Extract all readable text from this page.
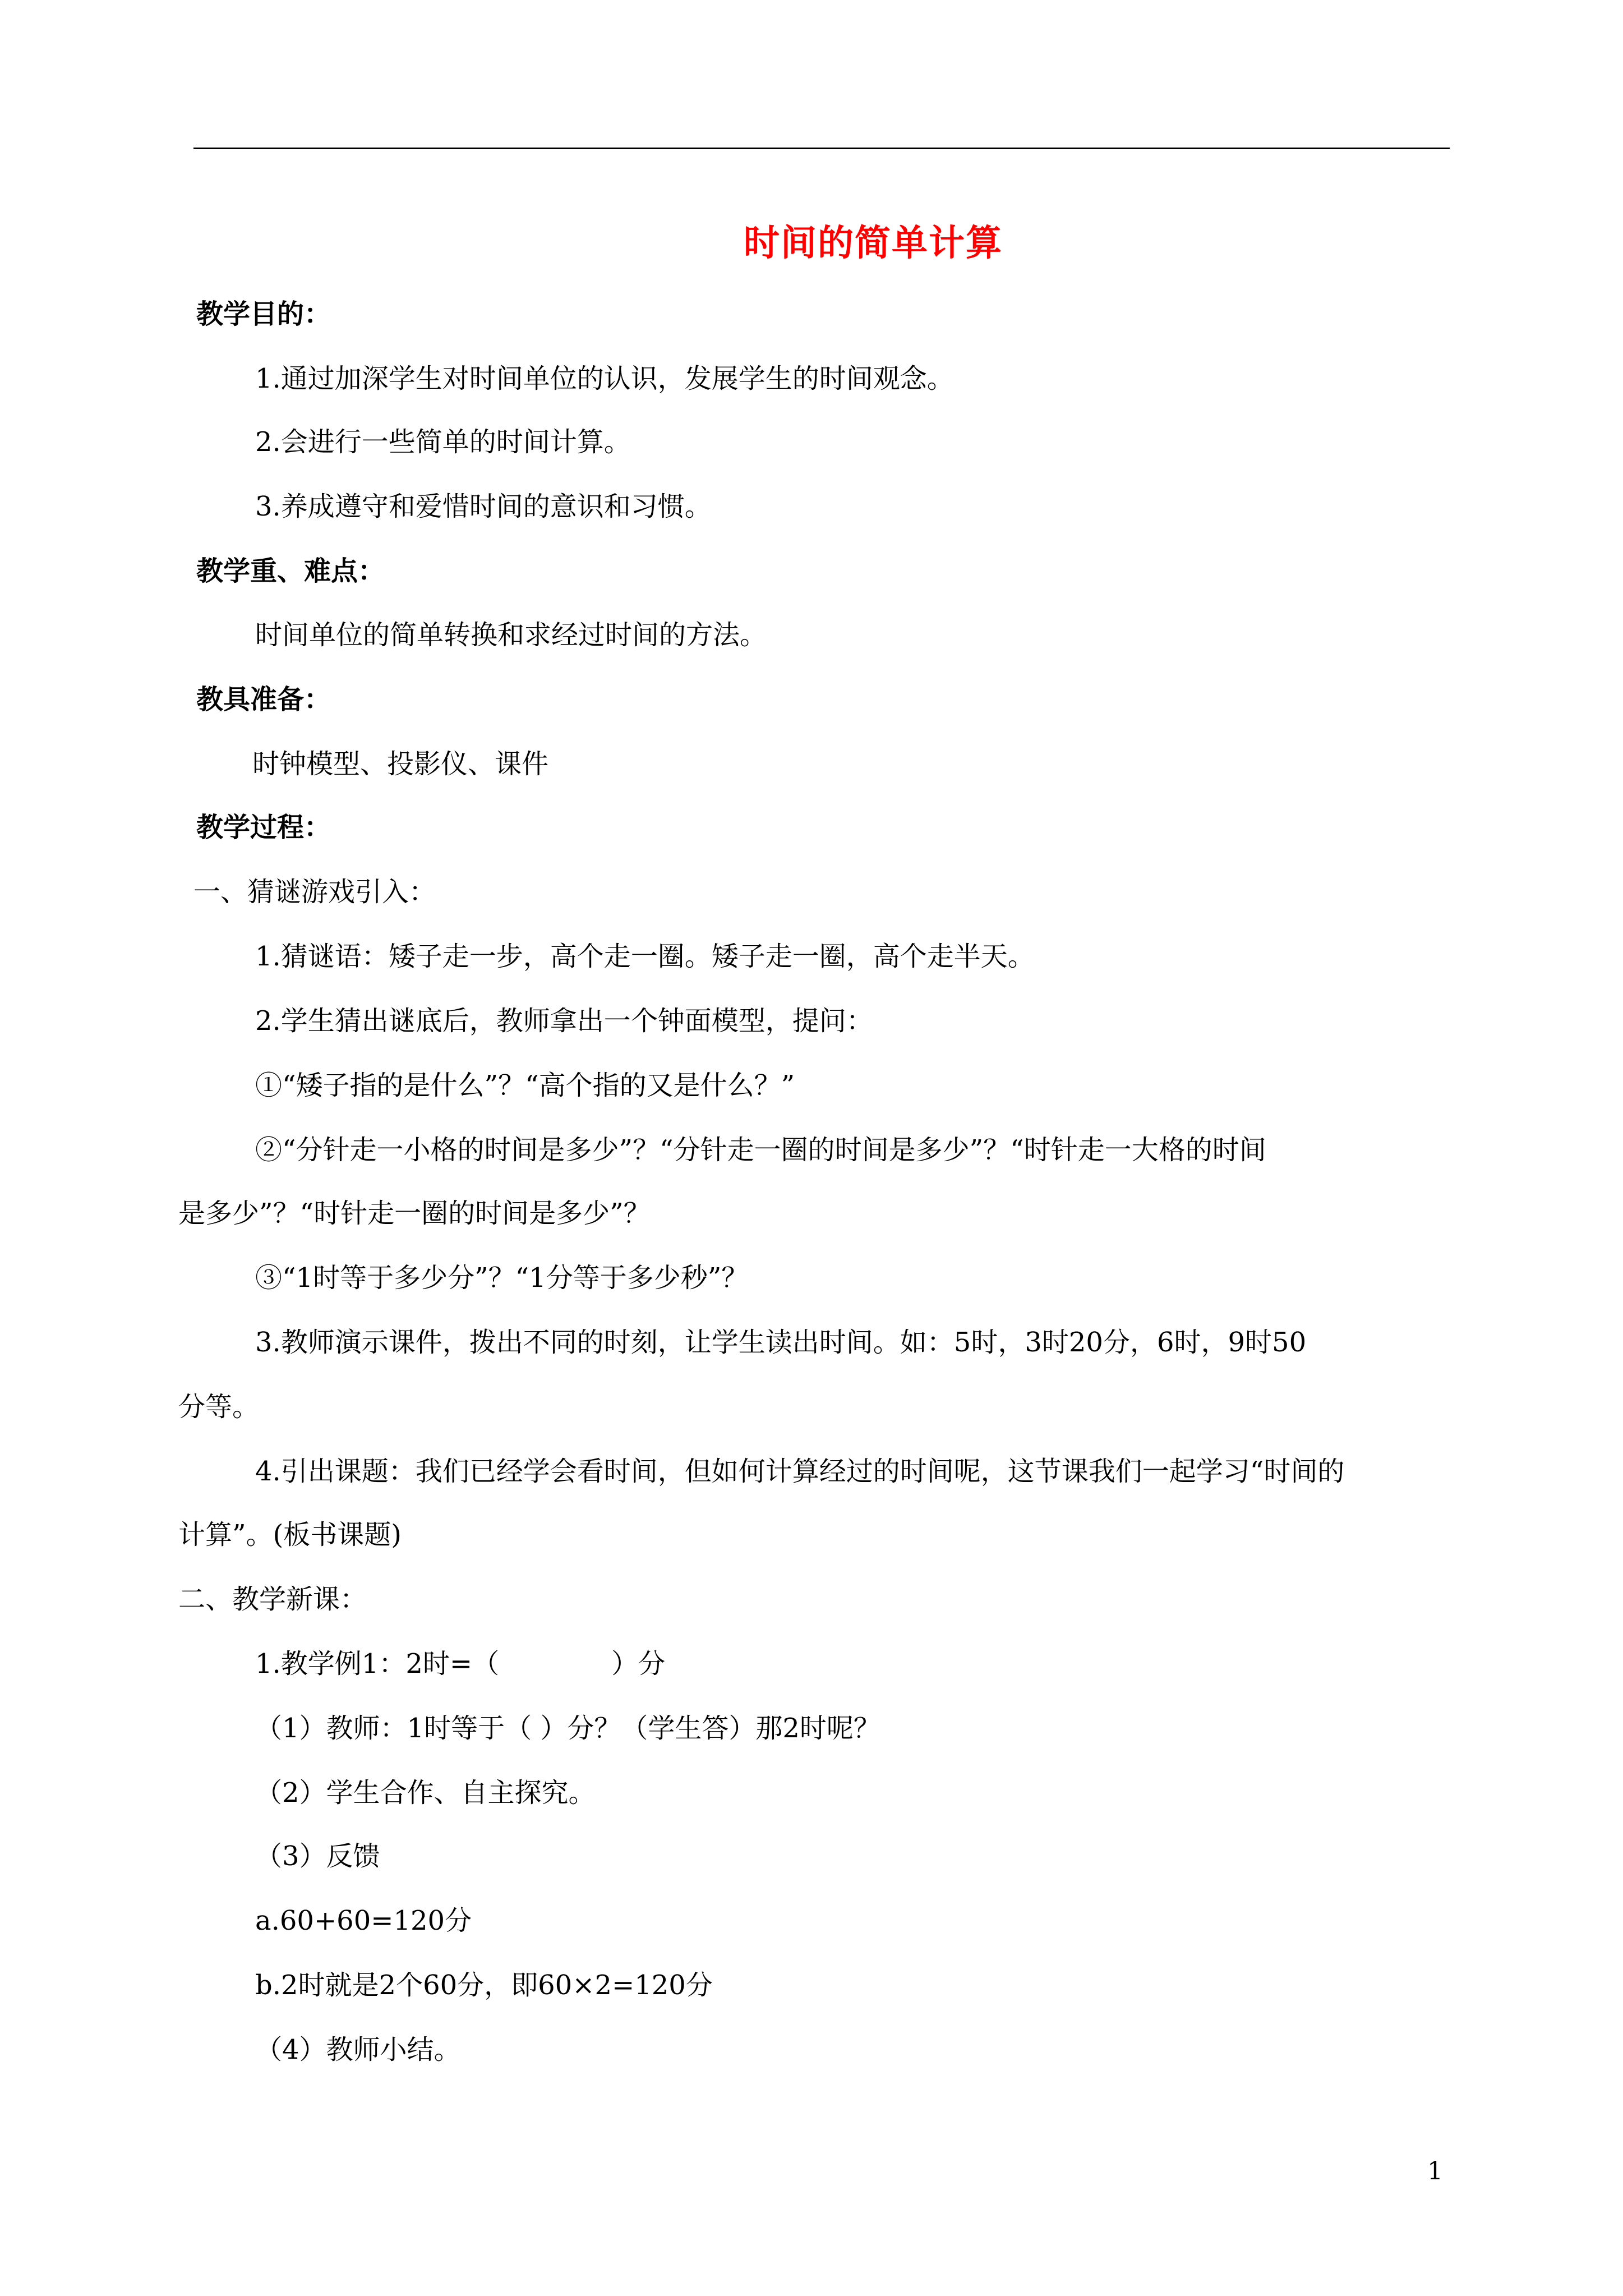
时间的简单计算
教学目的：
1.通过加深学生对时间单位的认识，发展学生的时间观念。
2.会进行一些简单的时间计算。
3.养成遵守和爱惜时间的意识和习惯。
教学重、难点：
时间单位的简单转换和求经过时间的方法。
教具准备：
时钟模型、投影仪、课件
教学过程：
一、猜谜游戏引入：
1.猜谜语：矮子走一步，高个走一圈。矮子走一圈，高个走半天。
2.学生猜出谜底后，教师拿出一个钟面模型，提问：
①“矮子指的是什么”？“高个指的又是什么？”
②“分针走一小格的时间是多少”？“分针走一圈的时间是多少”？“时针走一大格的时间
是多少”？“时针走一圈的时间是多少”？
③“1时等于多少分”？“1分等于多少秒”？
3.教师演示课件，拨出不同的时刻，让学生读出时间。如：5时，3时20分，6时，9时50
分等。
4.引出课题：我们已经学会看时间，但如何计算经过的时间呢，这节课我们一起学习“时间的
计算”。(板书课题)
二、教学新课：
1.教学例1：2时=（	）分
（1）教师：1时等于（ ）分？（学生答）那2时呢？
（2）学生合作、自主探究。
（3）反馈
a.60+60=120分
b.2时就是2个60分，即60×2=120分
（4）教师小结。
1
